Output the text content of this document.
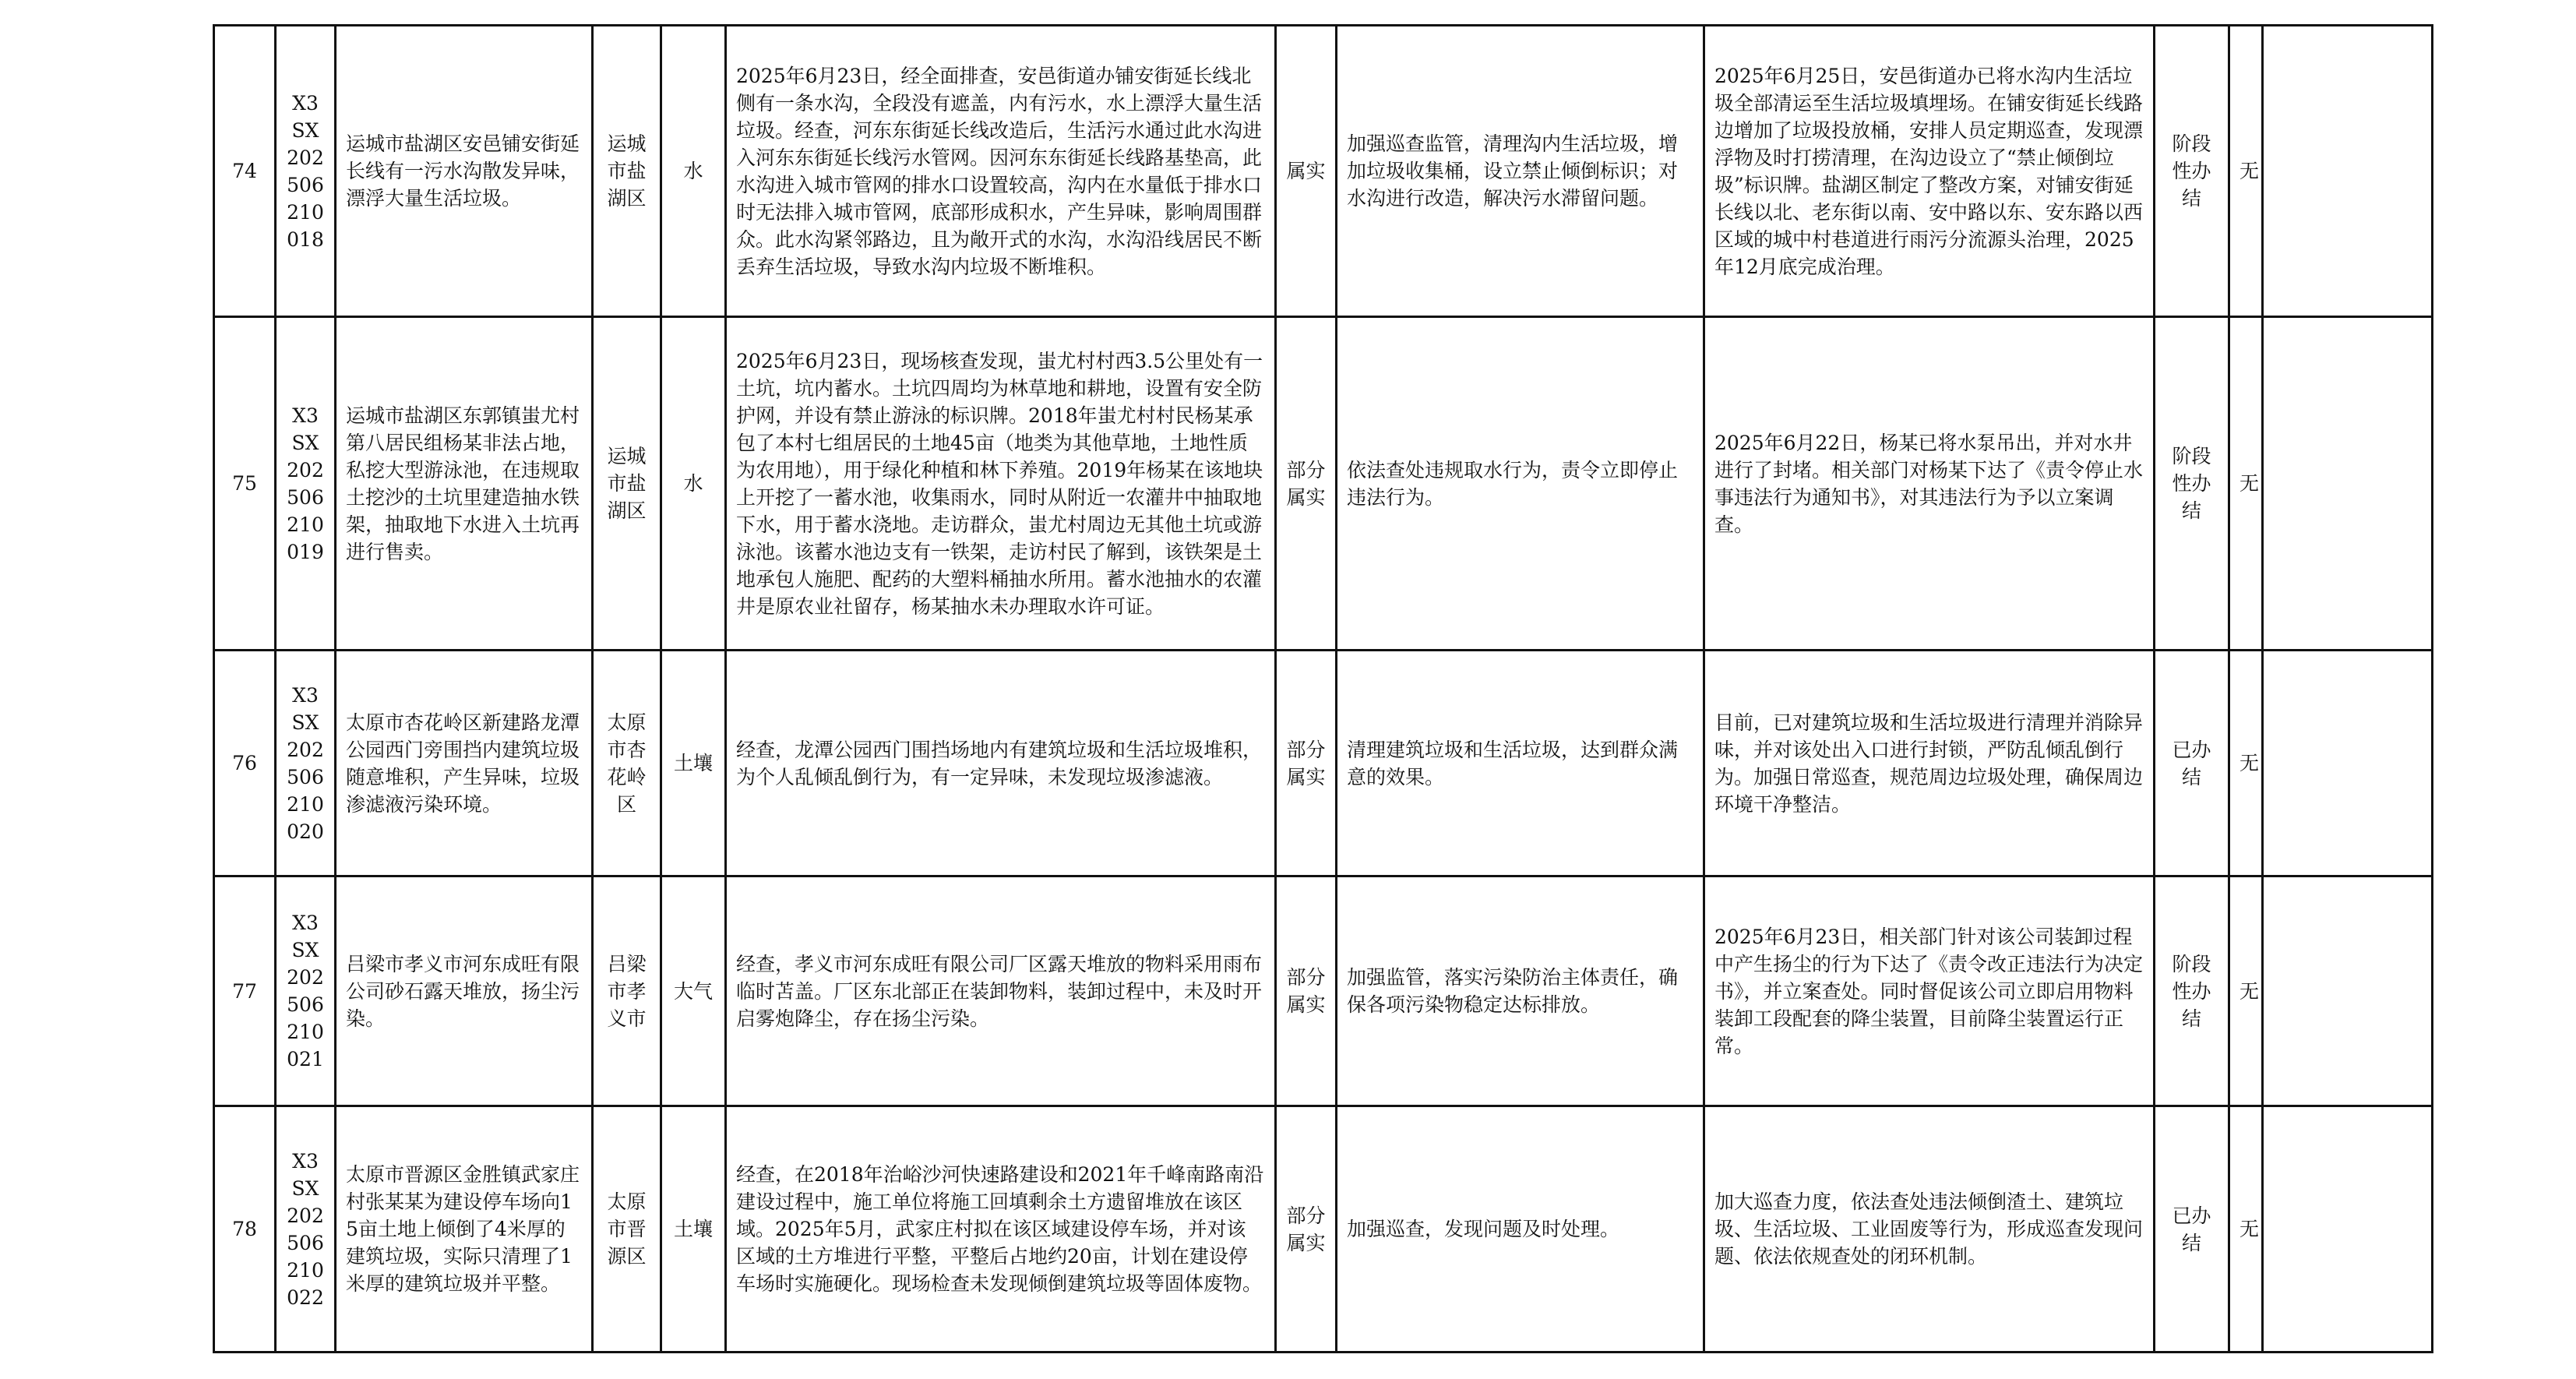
74	X3SX202506210018	运城市盐湖区安邑铺安街延长线有一污水沟散发异味，漂浮大量生活垃圾。	运城市盐湖区	水	2025年6月23日，经全面排查，安邑街道办铺安街延长线北侧有一条水沟，全段没有遮盖，内有污水，水上漂浮大量生活垃圾。经查，河东东街延长线改造后，生活污水通过此水沟进入河东东街延长线污水管网。因河东东街延长线路基垫高，此水沟进入城市管网的排水口设置较高，沟内在水量低于排水口时无法排入城市管网，底部形成积水，产生异味，影响周围群众。此水沟紧邻路边，且为敞开式的水沟，水沟沿线居民不断丢弃生活垃圾，导致水沟内垃圾不断堆积。	属实	加强巡查监管，清理沟内生活垃圾，增加垃圾收集桶，设立禁止倾倒标识；对水沟进行改造，解决污水滞留问题。	2025年6月25日，安邑街道办已将水沟内生活垃圾全部清运至生活垃圾填埋场。在铺安街延长线路边增加了垃圾投放桶，安排人员定期巡查，发现漂浮物及时打捞清理，在沟边设立了“禁止倾倒垃圾”标识牌。盐湖区制定了整改方案，对铺安街延长线以北、老东街以南、安中路以东、安东路以西区域的城中村巷道进行雨污分流源头治理，2025年12月底完成治理。	阶段性办结	无	
75	X3SX202506210019	运城市盐湖区东郭镇蚩尤村第八居民组杨某非法占地，私挖大型游泳池，在违规取土挖沙的土坑里建造抽水铁架，抽取地下水进入土坑再进行售卖。	运城市盐湖区	水	2025年6月23日，现场核查发现，蚩尤村村西3.5公里处有一土坑，坑内蓄水。土坑四周均为林草地和耕地，设置有安全防护网，并设有禁止游泳的标识牌。2018年蚩尤村村民杨某承包了本村七组居民的土地45亩（地类为其他草地，土地性质为农用地），用于绿化种植和林下养殖。2019年杨某在该地块上开挖了一蓄水池，收集雨水，同时从附近一农灌井中抽取地下水，用于蓄水浇地。走访群众，蚩尤村周边无其他土坑或游泳池。该蓄水池边支有一铁架，走访村民了解到，该铁架是土地承包人施肥、配药的大塑料桶抽水所用。蓄水池抽水的农灌井是原农业社留存，杨某抽水未办理取水许可证。	部分属实	依法查处违规取水行为，责令立即停止违法行为。	2025年6月22日，杨某已将水泵吊出，并对水井进行了封堵。相关部门对杨某下达了《责令停止水事违法行为通知书》，对其违法行为予以立案调查。	阶段性办结	无	
76	X3SX202506210020	太原市杏花岭区新建路龙潭公园西门旁围挡内建筑垃圾随意堆积，产生异味，垃圾渗滤液污染环境。	太原市杏花岭区	土壤	经查，龙潭公园西门围挡场地内有建筑垃圾和生活垃圾堆积，为个人乱倾乱倒行为，有一定异味，未发现垃圾渗滤液。	部分属实	清理建筑垃圾和生活垃圾，达到群众满意的效果。	目前，已对建筑垃圾和生活垃圾进行清理并消除异味，并对该处出入口进行封锁，严防乱倾乱倒行为。加强日常巡查，规范周边垃圾处理，确保周边环境干净整洁。	已办结	无	
77	X3SX202506210021	吕梁市孝义市河东成旺有限公司砂石露天堆放，扬尘污染。	吕梁市孝义市	大气	经查，孝义市河东成旺有限公司厂区露天堆放的物料采用雨布临时苫盖。厂区东北部正在装卸物料，装卸过程中，未及时开启雾炮降尘，存在扬尘污染。	部分属实	加强监管，落实污染防治主体责任，确保各项污染物稳定达标排放。	2025年6月23日，相关部门针对该公司装卸过程中产生扬尘的行为下达了《责令改正违法行为决定书》，并立案查处。同时督促该公司立即启用物料装卸工段配套的降尘装置，目前降尘装置运行正常。	阶段性办结	无	
78	X3SX202506210022	太原市晋源区金胜镇武家庄村张某某为建设停车场向15亩土地上倾倒了4米厚的建筑垃圾，实际只清理了1米厚的建筑垃圾并平整。	太原市晋源区	土壤	经查，在2018年治峪沙河快速路建设和2021年千峰南路南沿建设过程中，施工单位将施工回填剩余土方遗留堆放在该区域。2025年5月，武家庄村拟在该区域建设停车场，并对该区域的土方堆进行平整，平整后占地约20亩，计划在建设停车场时实施硬化。现场检查未发现倾倒建筑垃圾等固体废物。	部分属实	加强巡查，发现问题及时处理。	加大巡查力度，依法查处违法倾倒渣土、建筑垃圾、生活垃圾、工业固废等行为，形成巡查发现问题、依法依规查处的闭环机制。	已办结	无	
